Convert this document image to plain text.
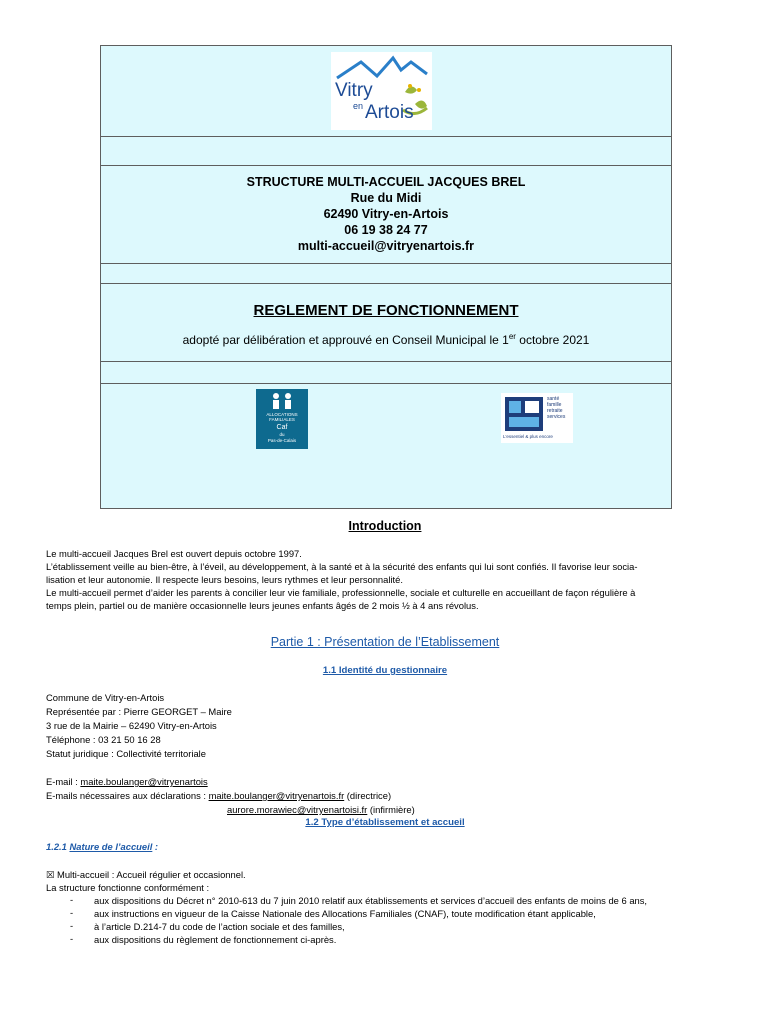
Vitry
en Artois
STRUCTURE MULTI-ACCUEIL JACQUES BREL
Rue du Midi
62490 Vitry-en-Artois
06 19 38 24 77
multi-accueil@vitryenartois.fr
REGLEMENT DE FONCTIONNEMENT
adopté par délibération et approuvé en Conseil Municipal le 1er octobre 2021
ALLOCATIONS
FAMILIALES
Caf
du
Pas-de-Calais
santé
famille
retraite
services
L'essentiel & plus encore
Introduction
Le multi-accueil Jacques Brel est ouvert depuis octobre 1997.
L’établissement veille au bien-être, à l’éveil, au développement, à la santé et à la sécurité des enfants qui lui sont confiés. Il favorise leur socia-
lisation et leur autonomie. Il respecte leurs besoins, leurs rythmes et leur personnalité.
Le multi-accueil permet d’aider les parents à concilier leur vie familiale, professionnelle, sociale et culturelle en accueillant de façon régulière à
temps plein, partiel ou de manière occasionnelle leurs jeunes enfants âgés de 2 mois ½ à 4 ans révolus.
Partie 1 : Présentation de l’Etablissement
1.1 Identité du gestionnaire
Commune de Vitry-en-Artois
Représentée par : Pierre GEORGET – Maire
3 rue de la Mairie – 62490 Vitry-en-Artois
Téléphone : 03 21 50 16 28
Statut juridique : Collectivité territoriale
E-mail : maite.boulanger@vitryenartois
E-mails nécessaires aux déclarations : maite.boulanger@vitryenartois.fr (directrice)
aurore.morawiec@vitryenartoisi.fr (infirmière)
1.2 Type d’établissement et accueil
1.2.1 Nature de l’accueil :
☒ Multi-accueil : Accueil régulier et occasionnel.
La structure fonctionne conformément :
- aux dispositions du Décret n° 2010-613 du 7 juin 2010 relatif aux établissements et services d’accueil des enfants de moins de 6 ans,
- aux instructions en vigueur de la Caisse Nationale des Allocations Familiales (CNAF), toute modification étant applicable,
- à l’article D.214-7 du code de l’action sociale et des familles,
- aux dispositions du règlement de fonctionnement ci-après.
